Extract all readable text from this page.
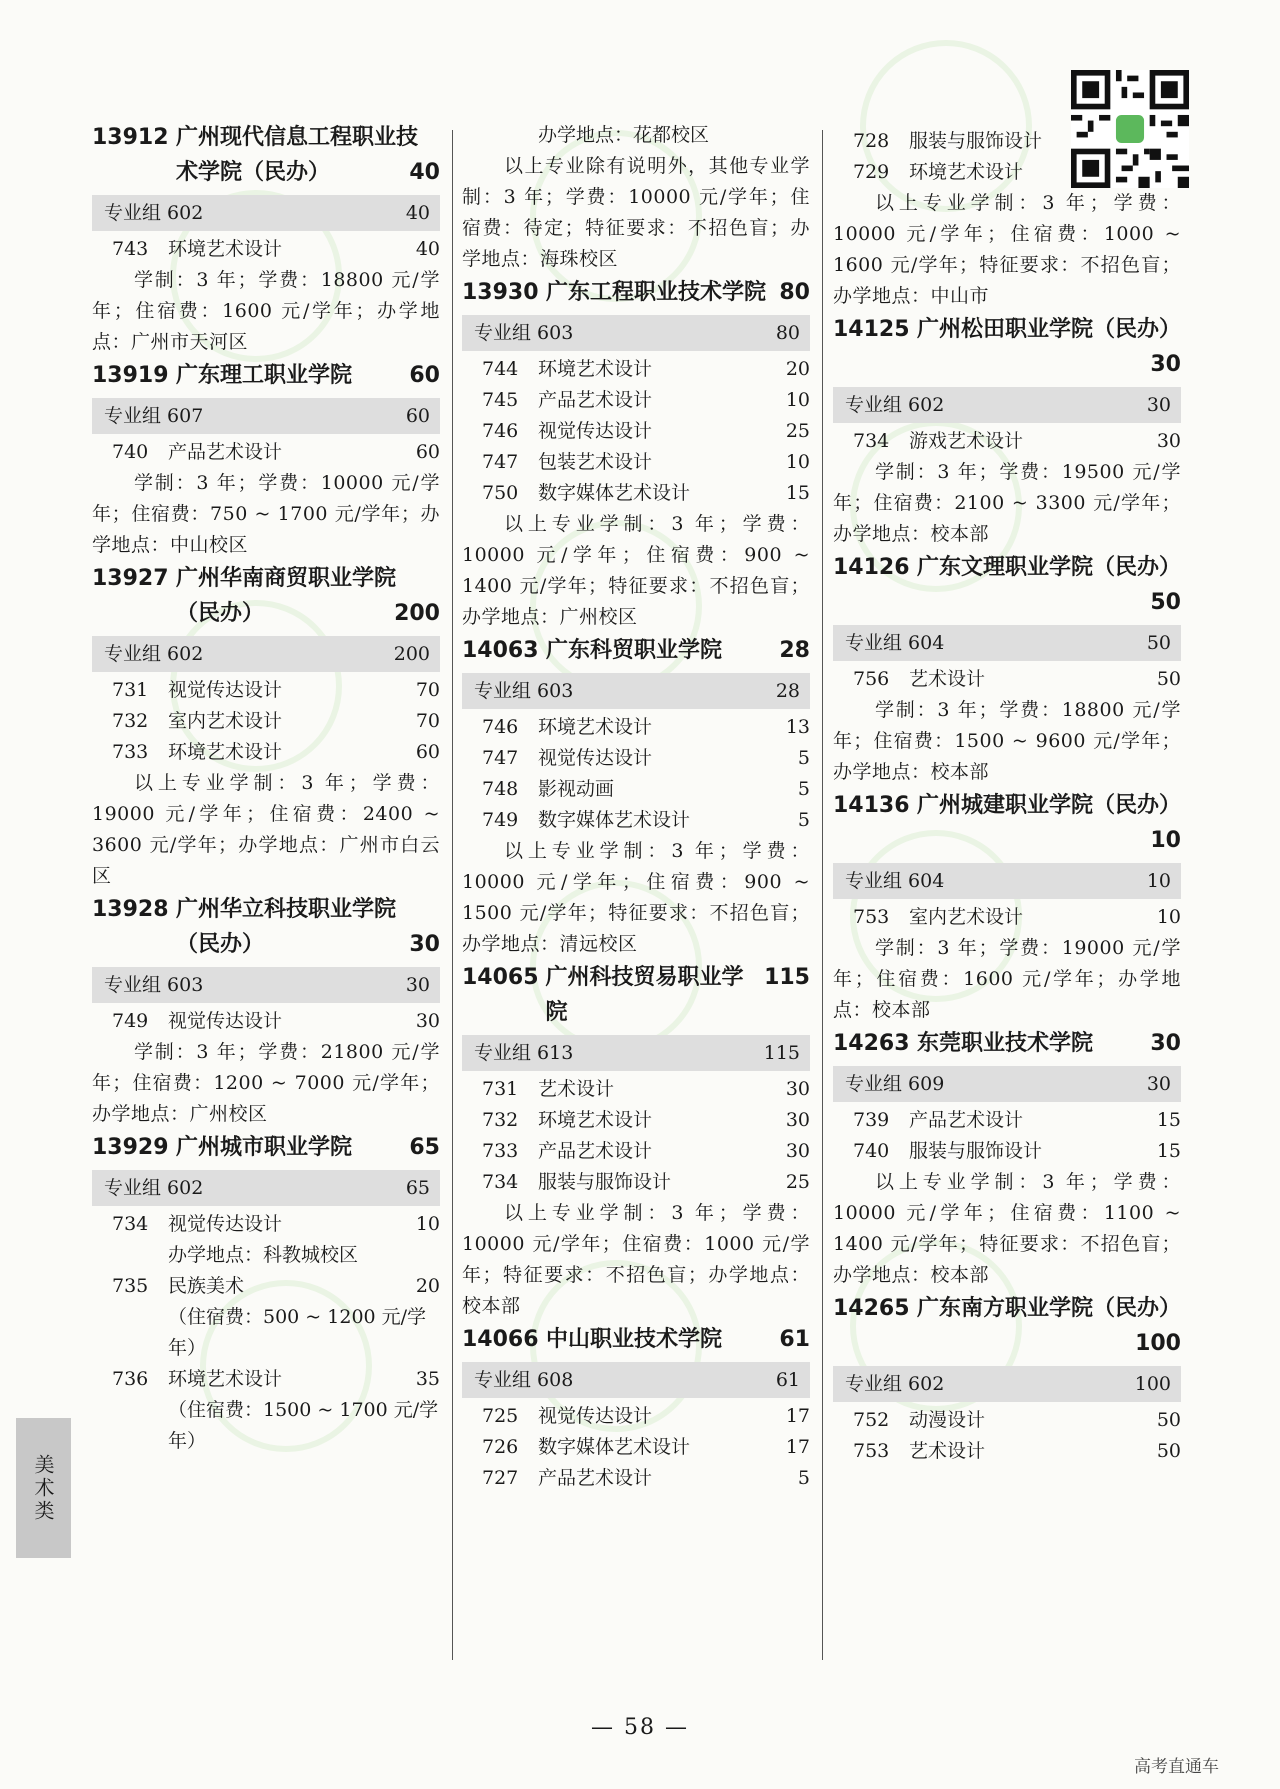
13912 广州现代信息工程职业技
术学院（民办）	40
专业组 602	40
743	环境艺术设计	40
学制：3 年；学费：18800 元/学年；住宿费：1600 元/学年；办学地点：广州市天河区
13919 广东理工职业学院	60
专业组 607	60
740	产品艺术设计	60
学制：3 年；学费：10000 元/学年；住宿费：750 ~ 1700 元/学年；办学地点：中山校区
13927 广州华南商贸职业学院
（民办）	200
专业组 602	200
731	视觉传达设计	70
732	室内艺术设计	70
733	环境艺术设计	60
以上专业学制：3 年；学费：19000 元/学年；住宿费：2400 ~ 3600 元/学年；办学地点：广州市白云区
13928 广州华立科技职业学院
（民办）	30
专业组 603	30
749	视觉传达设计	30
学制：3 年；学费：21800 元/学年；住宿费：1200 ~ 7000 元/学年；办学地点：广州校区
13929 广州城市职业学院	65
专业组 602	65
734	视觉传达设计	10
办学地点：科教城校区
735	民族美术	20
（住宿费：500 ~ 1200 元/学
年）
736	环境艺术设计	35
（住宿费：1500 ~ 1700 元/学
年）
办学地点：花都校区
以上专业除有说明外，其他专业学制：3 年；学费：10000 元/学年；住宿费：待定；特征要求：不招色盲；办学地点：海珠校区
13930 广东工程职业技术学院 80
专业组 603	80
744	环境艺术设计	20
745	产品艺术设计	10
746	视觉传达设计	25
747	包装艺术设计	10
750	数字媒体艺术设计	15
以上专业学制：3 年；学费：10000 元/学年；住宿费：900 ~ 1400 元/学年；特征要求：不招色盲；办学地点：广州校区
14063 广东科贸职业学院	28
专业组 603	28
746	环境艺术设计	13
747	视觉传达设计	5
748	影视动画	5
749	数字媒体艺术设计	5
以上专业学制：3 年；学费：10000 元/学年；住宿费：900 ~ 1500 元/学年；特征要求：不招色盲；办学地点：清远校区
14065 广州科技贸易职业学院
115
专业组 613	115
731	艺术设计	30
732	环境艺术设计	30
733	产品艺术设计	30
734	服装与服饰设计	25
以上专业学制：3 年；学费：10000 元/学年；住宿费：1000 元/学年；特征要求：不招色盲；办学地点：校本部
14066 中山职业技术学院	61
专业组 608	61
725	视觉传达设计	17
726	数字媒体艺术设计	17
727	产品艺术设计	5
728	服装与服饰设计
729	环境艺术设计
以上专业学制：3 年；学费：10000 元/学年；住宿费：1000 ~ 1600 元/学年；特征要求：不招色盲；办学地点：中山市
14125 广州松田职业学院（民办）
30
专业组 602	30
734	游戏艺术设计	30
学制：3 年；学费：19500 元/学年；住宿费：2100 ~ 3300 元/学年；办学地点：校本部
14126 广东文理职业学院（民办）
50
专业组 604	50
756	艺术设计	50
学制：3 年；学费：18800 元/学年；住宿费：1500 ~ 9600 元/学年；办学地点：校本部
14136 广州城建职业学院（民办）
10
专业组 604	10
753	室内艺术设计	10
学制：3 年；学费：19000 元/学年；住宿费：1600 元/学年；办学地点：校本部
14263 东莞职业技术学院	30
专业组 609	30
739	产品艺术设计	15
740	服装与服饰设计	15
以上专业学制：3 年；学费：10000 元/学年；住宿费：1100 ~ 1400 元/学年；特征要求：不招色盲；办学地点：校本部
14265 广东南方职业学院（民办）
100
专业组 602	100
752	动漫设计	50
753	艺术设计	50
美术类
— 58 —
高考直通车
